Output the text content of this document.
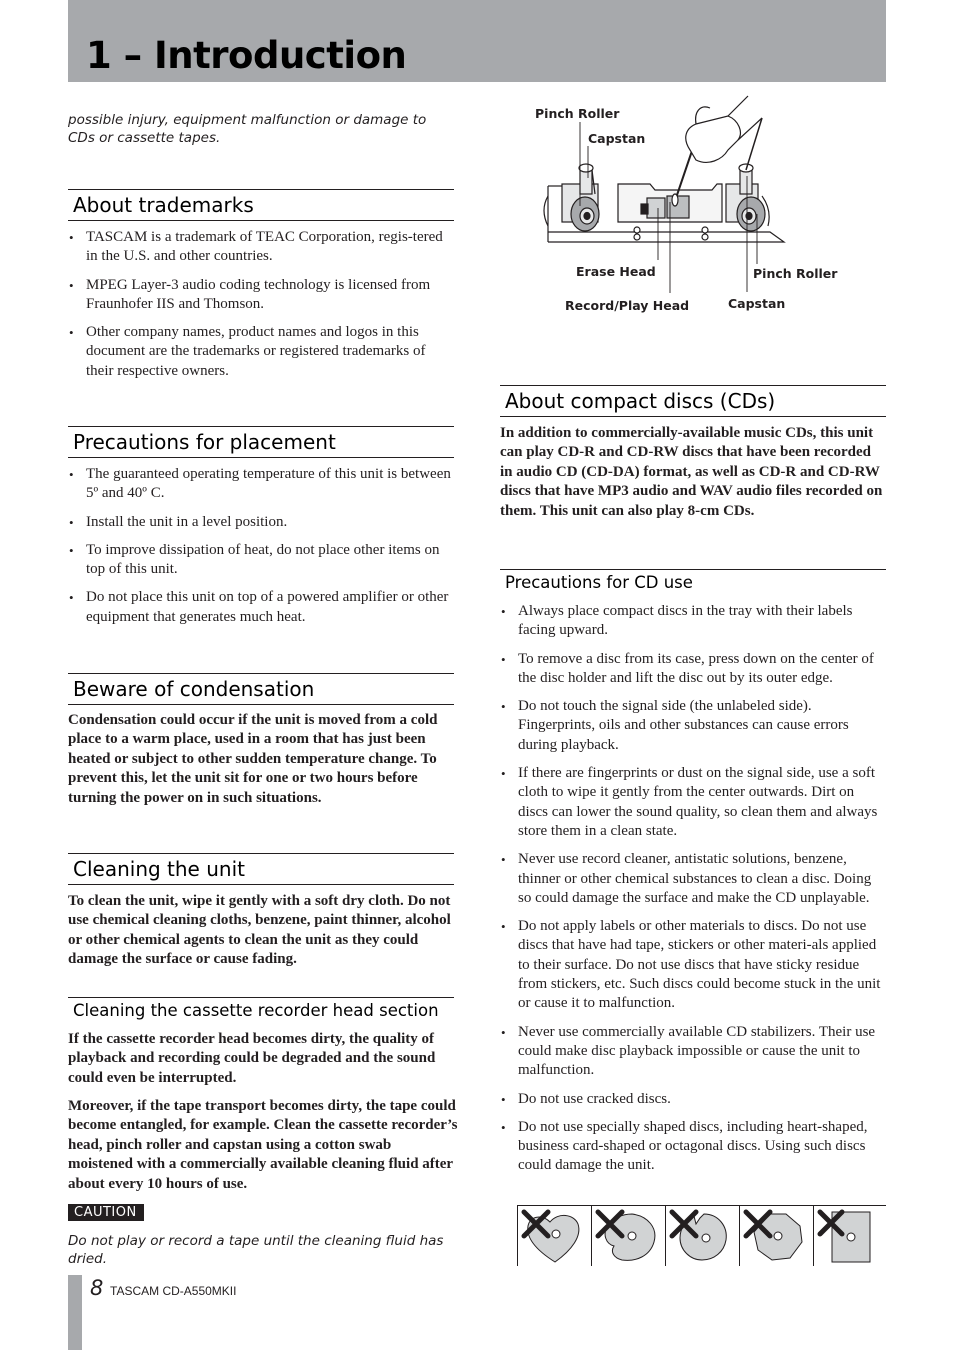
1 – Introduction

possible injury, equipment malfunction or damage to CDs or cassette tapes.

About trademarks
• TASCAM is a trademark of TEAC Corporation, regis-tered in the U.S. and other countries.
• MPEG Layer-3 audio coding technology is licensed from Fraunhofer IIS and Thomson.
• Other company names, product names and logos in this document are the trademarks or registered trademarks of their respective owners.
Precautions for placement
• The guaranteed operating temperature of this unit is between 5º and 40º C.
• Install the unit in a level position.
• To improve dissipation of heat, do not place other items on top of this unit.
• Do not place this unit on top of a powered amplifier or other equipment that generates much heat.
Beware of condensation

Condensation could occur if the unit is moved from a cold place to a warm place, used in a room that has just been heated or subject to other sudden temperature change. To prevent this, let the unit sit for one or two hours before turning the power on in such situations.

Cleaning the unit

To clean the unit, wipe it gently with a soft dry cloth. Do not use chemical cleaning cloths, benzene, paint thinner, alcohol or other chemical agents to clean the unit as they could damage the surface or cause fading.

Cleaning the cassette recorder head section

If the cassette recorder head becomes dirty, the quality of playback and recording could be degraded and the sound could even be interrupted.

Moreover, if the tape transport becomes dirty, the tape could become entangled, for example. Clean the cassette recorder’s head, pinch roller and capstan using a cotton swab moistened with a commercially available cleaning fluid after about every 10 hours of use.

CAUTION

Do not play or record a tape until the cleaning fluid has dried.

Pinch Roller
Capstan
Erase Head	Pinch Roller
Record/Play Head	Capstan
About compact discs (CDs)

In addition to commercially-available music CDs, this unit can play CD-R and CD-RW discs that have been recorded in audio CD (CD-DA) format, as well as CD-R and CD-RW discs that have MP3 audio and WAV audio files recorded on them. This unit can also play 8-cm CDs.

Precautions for CD use
• Always place compact discs in the tray with their labels facing upward.
• To remove a disc from its case, press down on the center of the disc holder and lift the disc out by its outer edge.
• Do not touch the signal side (the unlabeled side). Fingerprints, oils and other substances can cause errors during playback.
• If there are fingerprints or dust on the signal side, use a soft cloth to wipe it gently from the center outwards. Dirt on discs can lower the sound quality, so clean them and always store them in a clean state.
• Never use record cleaner, antistatic solutions, benzene, thinner or other chemical substances to clean a disc. Doing so could damage the surface and make the CD unplayable.
• Do not apply labels or other materials to discs. Do not use discs that have had tape, stickers or other materi-als applied to their surface. Do not use discs that have sticky residue from stickers, etc. Such discs could become stuck in the unit or cause it to malfunction.
• Never use commercially available CD stabilizers. Their use could make disc playback impossible or cause the unit to malfunction.
• Do not use cracked discs.
• Do not use specially shaped discs, including heart-shaped, business card-shaped or octagonal discs. Using such discs could damage the unit.
8 TASCAM CD-A550MKII
